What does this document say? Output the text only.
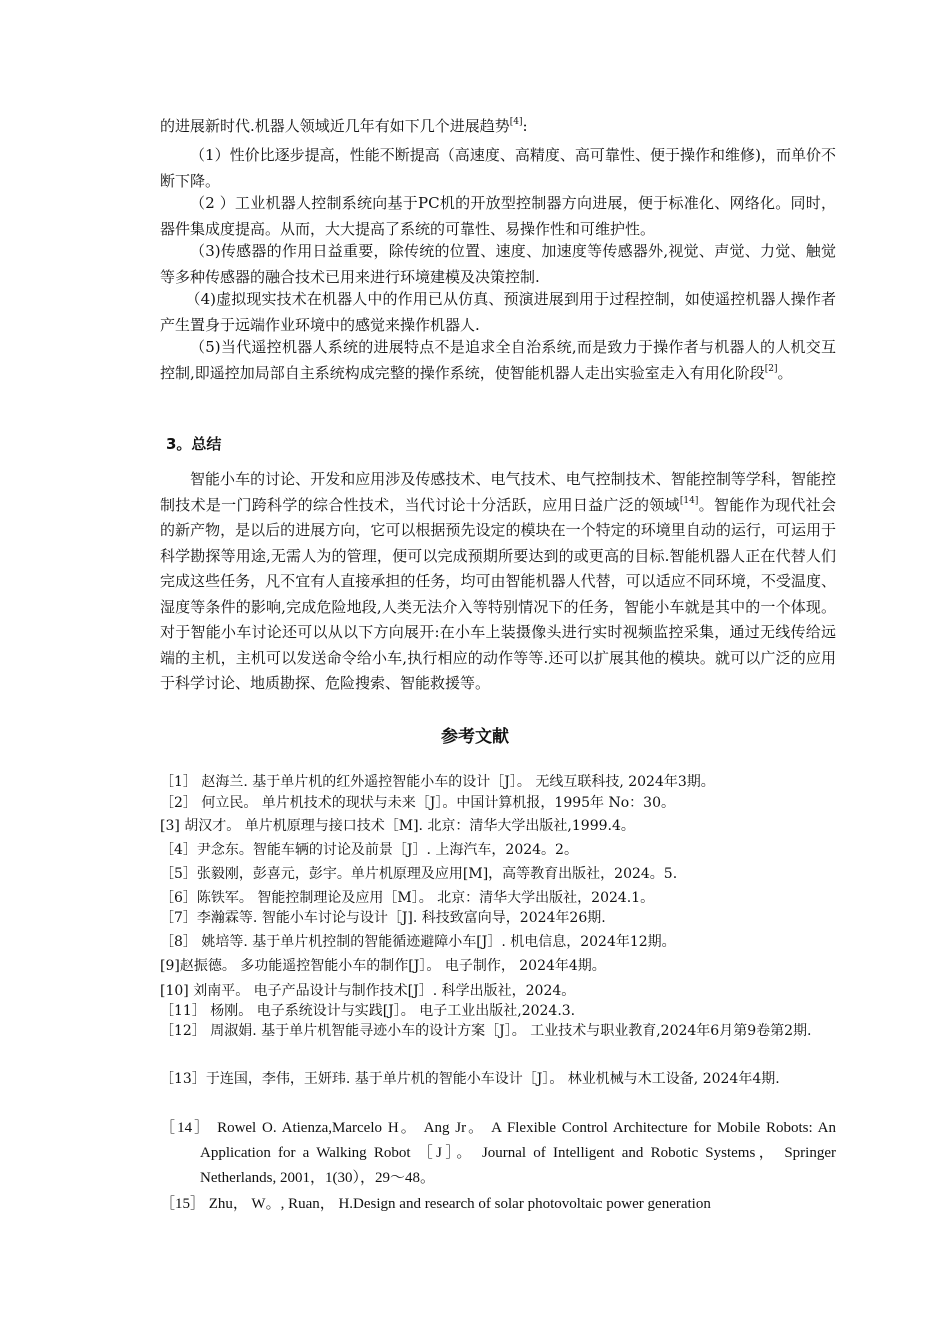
的进展新时代.机器人领域近几年有如下几个进展趋势[4]:

（1）性价比逐步提高，性能不断提高（高速度、高精度、高可靠性、便于操作和维修)，而单价不断下降。

（2 ）工业机器人控制系统向基于PC机的开放型控制器方向进展，便于标准化、网络化。同时，器件集成度提高。从而，大大提高了系统的可靠性、易操作性和可维护性。

（3)传感器的作用日益重要，除传统的位置、速度、加速度等传感器外,视觉、声觉、力觉、触觉等多种传感器的融合技术已用来进行环境建模及决策控制.

（4)虚拟现实技术在机器人中的作用已从仿真、预演进展到用于过程控制，如使遥控机器人操作者产生置身于远端作业环境中的感觉来操作机器人.

（5)当代遥控机器人系统的进展特点不是追求全自治系统,而是致力于操作者与机器人的人机交互控制,即遥控加局部自主系统构成完整的操作系统，使智能机器人走出实验室走入有用化阶段[2]。

3。总结

智能小车的讨论、开发和应用涉及传感技术、电气技术、电气控制技术、智能控制等学科，智能控制技术是一门跨科学的综合性技术，当代讨论十分活跃，应用日益广泛的领域[14]。智能作为现代社会的新产物，是以后的进展方向，它可以根据预先设定的模块在一个特定的环境里自动的运行，可运用于科学勘探等用途,无需人为的管理，便可以完成预期所要达到的或更高的目标.智能机器人正在代替人们完成这些任务，凡不宜有人直接承担的任务，均可由智能机器人代替，可以适应不同环境，不受温度、湿度等条件的影响,完成危险地段,人类无法介入等特别情况下的任务，智能小车就是其中的一个体现。对于智能小车讨论还可以从以下方向展开:在小车上装摄像头进行实时视频监控采集，通过无线传给远端的主机，主机可以发送命令给小车,执行相应的动作等等.还可以扩展其他的模块。就可以广泛的应用于科学讨论、地质勘探、危险搜索、智能救援等。

参考文献
［1］ 赵海兰. 基于单片机的红外遥控智能小车的设计［J］。 无线互联科技, 2024年3期。
［2］ 何立民。 单片机技术的现状与未来［J］。中国计算机报，1995年 No：30。
[3] 胡汉才。 单片机原理与接口技术［M]. 北京：清华大学出版社,1999.4。
［4］ 尹念东。智能车辆的讨论及前景［J］. 上海汽车，2024。2。
［5］ 张毅刚，彭喜元，彭宇。单片机原理及应用[M]，高等教育出版社，2024。5.
［6］ 陈铁军。 智能控制理论及应用［M］。 北京：清华大学出版社，2024.1。
［7］ 李瀚霖等. 智能小车讨论与设计［J]. 科技致富向导，2024年26期.
［8］ 姚培等. 基于单片机控制的智能循迹避障小车[J］. 机电信息，2024年12期。
[9] 赵振德。 多功能遥控智能小车的制作[J］。 电子制作， 2024年4期。
[10] 刘南平。 电子产品设计与制作技术[J］. 科学出版社，2024。
［11］ 杨刚。 电子系统设计与实践[J］。 电子工业出版社,2024.3.
［12］ 周淑娟. 基于单片机智能寻迹小车的设计方案［J］。 工业技术与职业教育,2024年6月第9卷第2期.
［13］于连国，李伟，王妍玮. 基于单片机的智能小车设计［J］。 林业机械与木工设备, 2024年4期.
［14］ Rowel O. Atienza,Marcelo H。 Ang Jr。 A Flexible Control Architecture for Mobile Robots: An Application for a Walking Robot ［J］。 Journal of Intelligent and Robotic Systems， Springer Netherlands, 2001，1(30），29～48。
［15］ Zhu， W。, Ruan， H.Design and research of solar photovoltaic power generation
